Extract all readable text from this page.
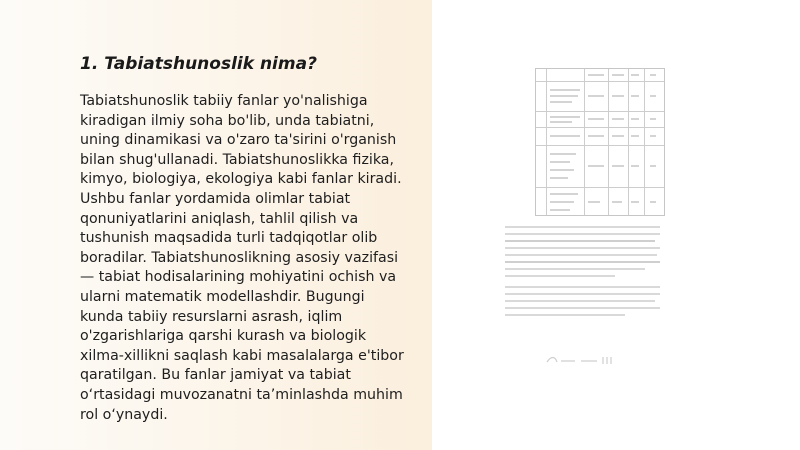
1. Tabiatshunoslik nima?

Tabiatshunoslik tabiiy fanlar yo'nalishiga
kiradigan ilmiy soha bo'lib, unda tabiatni,
uning dinamikasi va o'zaro ta'sirini o'rganish
bilan shug'ullanadi. Tabiatshunoslikka fizika,
kimyo, biologiya, ekologiya kabi fanlar kiradi.
Ushbu fanlar yordamida olimlar tabiat
qonuniyatlarini aniqlash, tahlil qilish va
tushunish maqsadida turli tadqiqotlar olib
boradilar. Tabiatshunoslikning asosiy vazifasi
— tabiat hodisalarining mohiyatini ochish va
ularni matematik modellashdir. Bugungi
kunda tabiiy resurslarni asrash, iqlim
o'zgarishlariga qarshi kurash va biologik
xilma-xillikni saqlash kabi masalalarga e'tibor
qaratilgan. Bu fanlar jamiyat va tabiat
o‘rtasidagi muvozanatni ta’minlashda muhim
rol o‘ynaydi.
